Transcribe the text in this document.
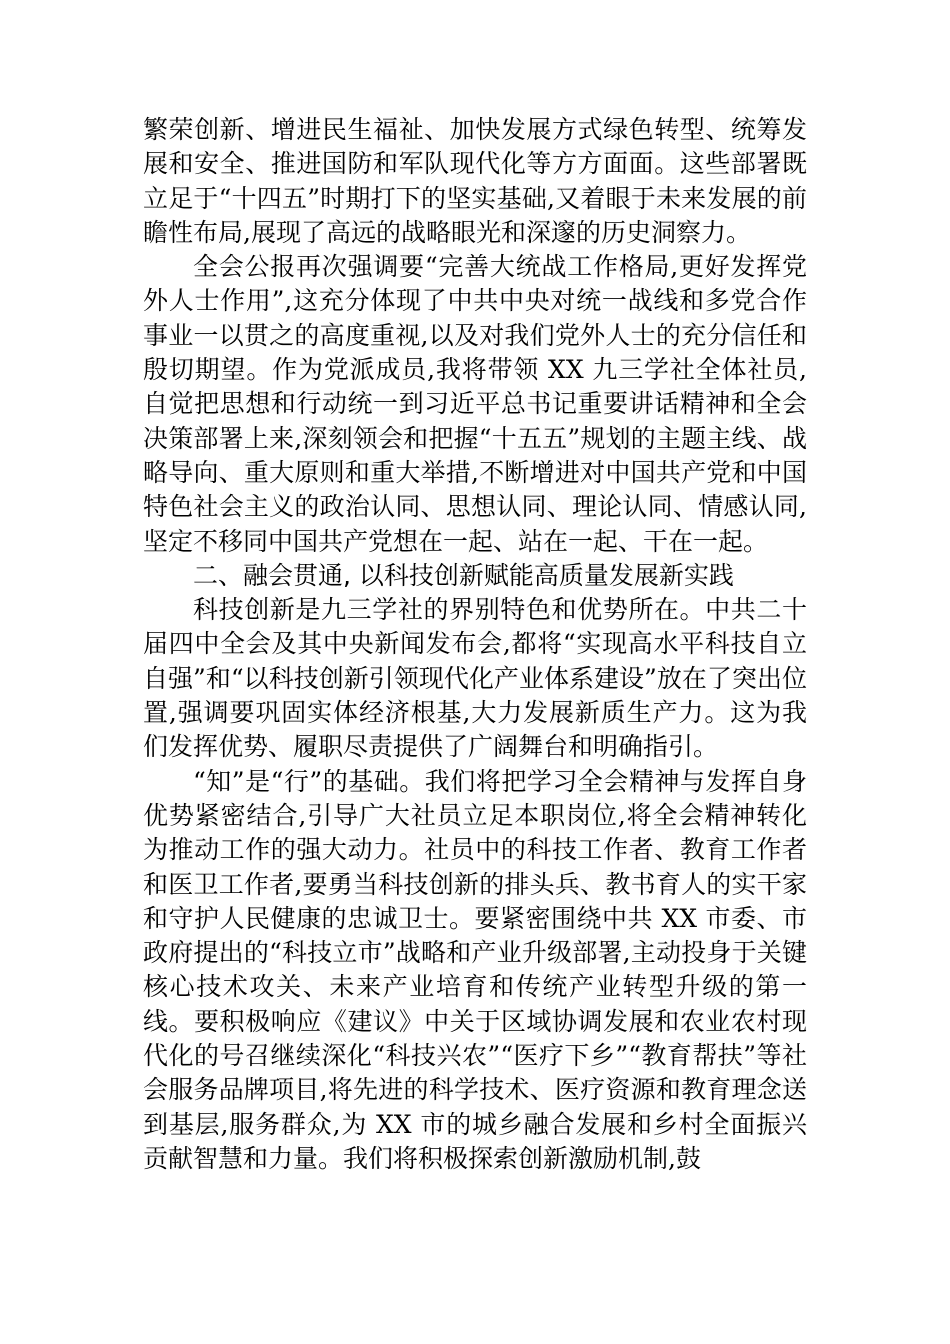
繁荣创新、增进民生福祉、加快发展方式绿色转型、统筹发展和安全、推进国防和军队现代化等方方面面。这些部署既立足于“十四五”时期打下的坚实基础,又着眼于未来发展的前瞻性布局,展现了高远的战略眼光和深邃的历史洞察力。

全会公报再次强调要“完善大统战工作格局,更好发挥党外人士作用”,这充分体现了中共中央对统一战线和多党合作事业一以贯之的高度重视,以及对我们党外人士的充分信任和殷切期望。作为党派成员,我将带领 XX 九三学社全体社员,自觉把思想和行动统一到习近平总书记重要讲话精神和全会决策部署上来,深刻领会和把握“十五五”规划的主题主线、战略导向、重大原则和重大举措,不断增进对中国共产党和中国特色社会主义的政治认同、思想认同、理论认同、情感认同,坚定不移同中国共产党想在一起、站在一起、干在一起。

二、融会贯通, 以科技创新赋能高质量发展新实践

科技创新是九三学社的界别特色和优势所在。中共二十届四中全会及其中央新闻发布会,都将“实现高水平科技自立自强”和“以科技创新引领现代化产业体系建设”放在了突出位置,强调要巩固实体经济根基,大力发展新质生产力。这为我们发挥优势、履职尽责提供了广阔舞台和明确指引。

“知”是“行”的基础。我们将把学习全会精神与发挥自身优势紧密结合,引导广大社员立足本职岗位,将全会精神转化为推动工作的强大动力。社员中的科技工作者、教育工作者和医卫工作者,要勇当科技创新的排头兵、教书育人的实干家和守护人民健康的忠诚卫士。要紧密围绕中共 XX 市委、市政府提出的“科技立市”战略和产业升级部署,主动投身于关键核心技术攻关、未来产业培育和传统产业转型升级的第一线。要积极响应《建议》中关于区域协调发展和农业农村现代化的号召继续深化“科技兴农”“医疗下乡”“教育帮扶”等社会服务品牌项目,将先进的科学技术、医疗资源和教育理念送到基层,服务群众,为 XX 市的城乡融合发展和乡村全面振兴贡献智慧和力量。我们将积极探索创新激励机制,鼓
